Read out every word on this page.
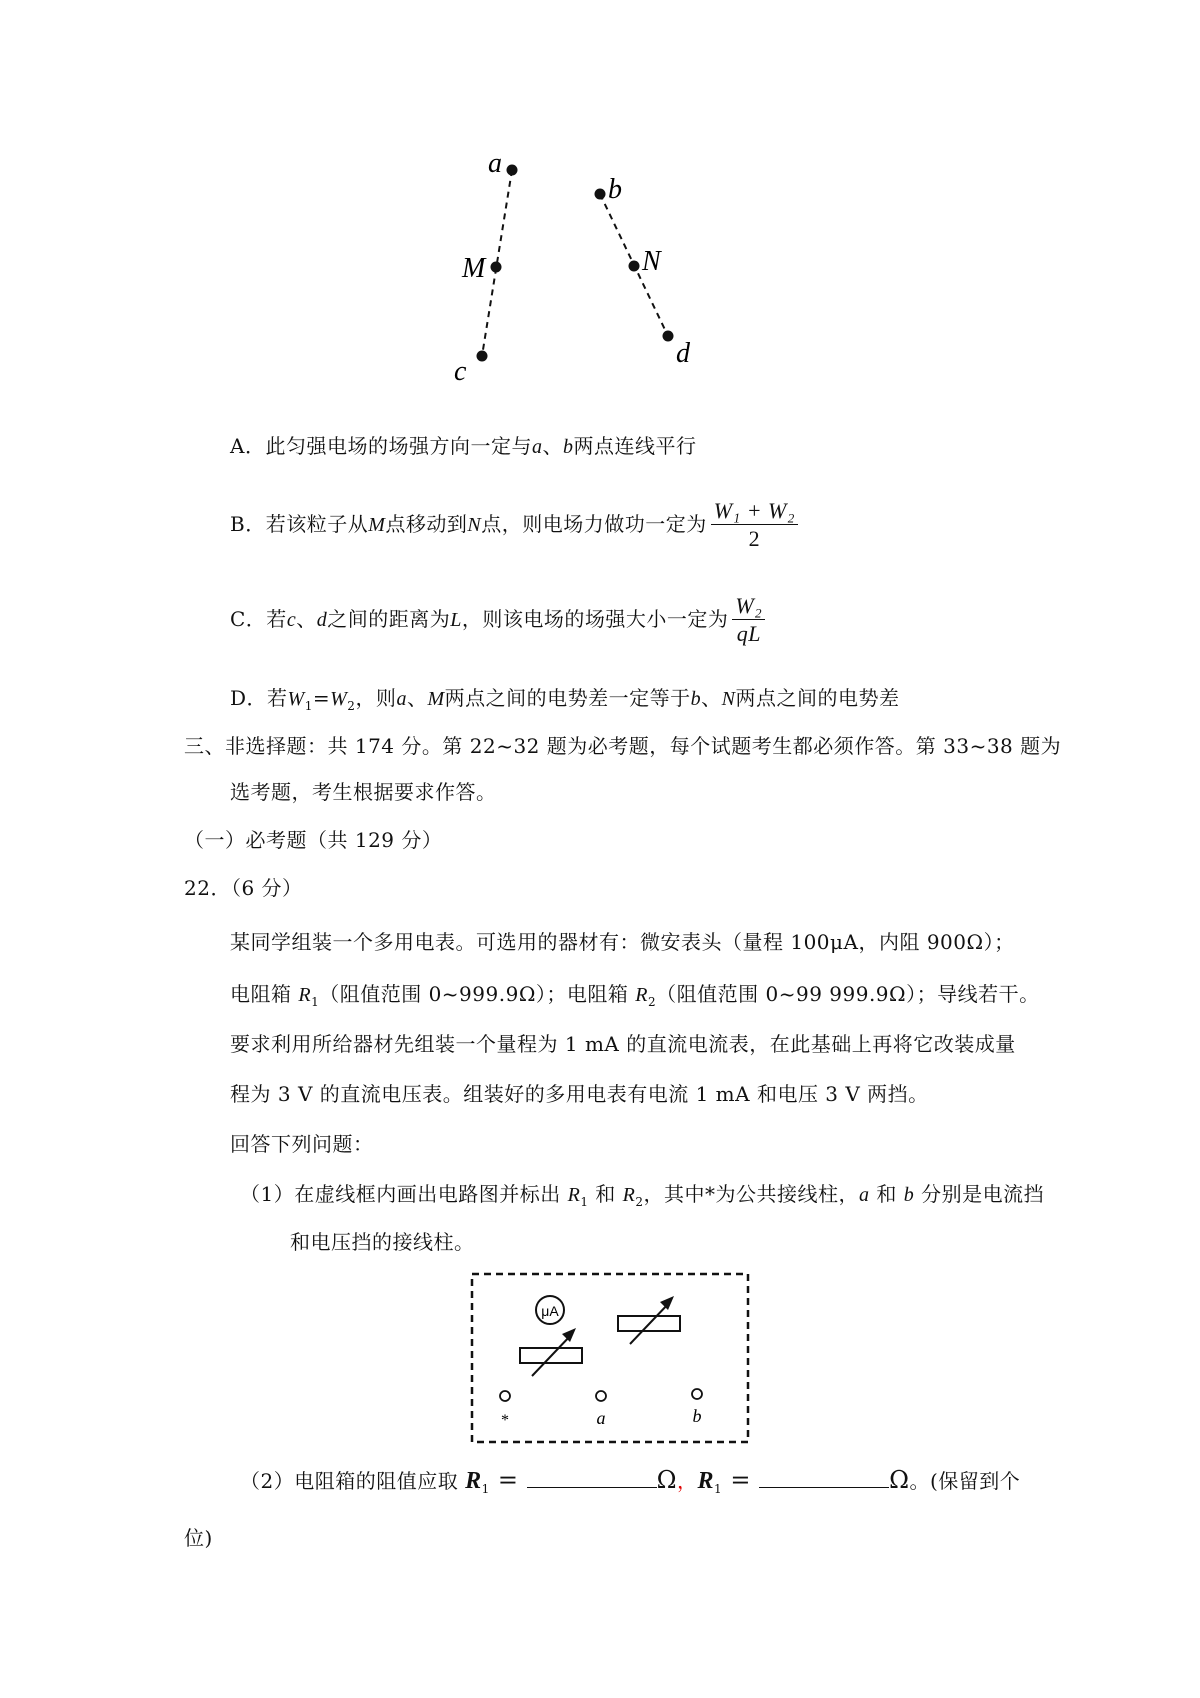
a
M
c
b
N
d
A．此匀强电场的场强方向一定与a、b两点连线平行
B．若该粒子从M点移动到N点，则电场力做功一定为 $\frac{\text{W₁ + W₂}}{2}$
C．若c、d之间的距离为L，则该电场的场强大小一定为 $\frac{\text{W₂}}{qL}$
D．若$W_1=W_2$，则a、M两点之间的电势差一定等于b、N两点之间的电势差
三、非选择题：共 174 分。第 22~32 题为必考题，每个试题考生都必须作答。第 33~38 题为
选考题，考生根据要求作答。
（一）必考题（共 129 分）
22．（6 分）
某同学组装一个多用电表。可选用的器材有：微安表头（量程 100μA，内阻 900Ω）；
电阻箱 $R_1$（阻值范围 0~999.9Ω）；电阻箱 $R_2$（阻值范围 0~99 999.9Ω）；导线若干。
要求利用所给器材先组装一个量程为 1 mA 的直流电流表，在此基础上再将它改装成量
程为 3 V 的直流电压表。组装好的多用电表有电流 1 mA 和电压 3 V 两挡。
回答下列问题：
（1）在虚线框内画出电路图并标出 $R_1$ 和 $R_2$，其中*为公共接线柱，a 和 b 分别是电流挡
和电压挡的接线柱。
μA
*	a	b
（2）电阻箱的阻值应取 $R_1$ =	Ω，$R_1$ =	Ω。(保留到个
位)
